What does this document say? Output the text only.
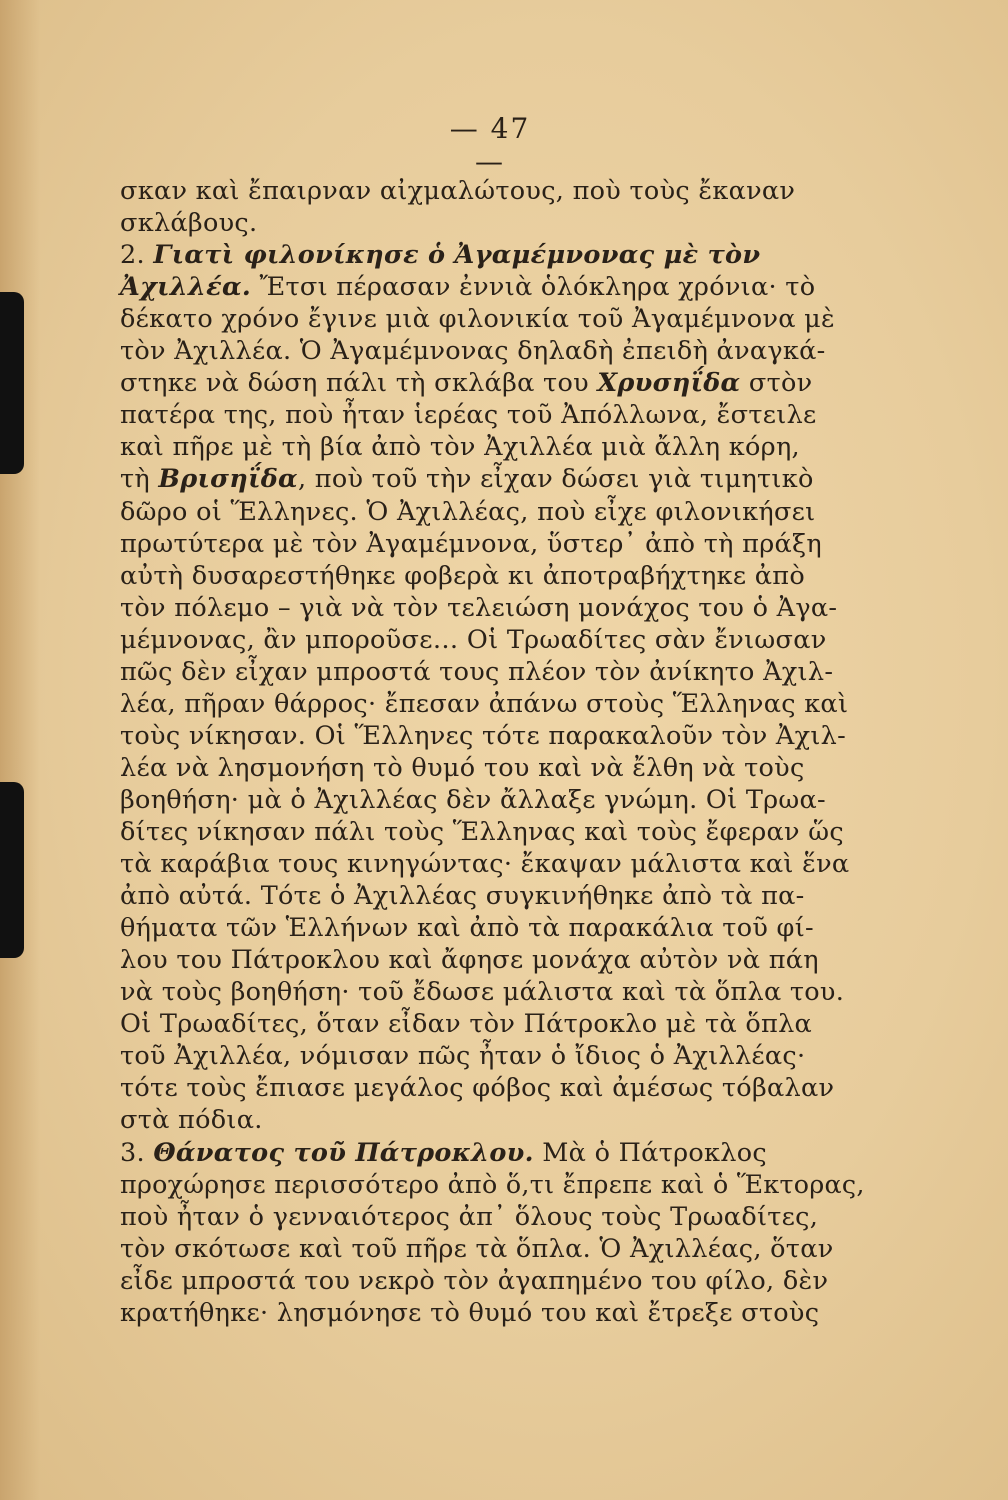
— 47 —
σκαν καὶ ἔπαιρναν αἰχμαλώτους, ποὺ τοὺς ἔκαναν
σκλάβους.
2. Γιατὶ φιλονίκησε ὁ Ἀγαμέμνονας μὲ τὸν
Ἀχιλλέα. Ἔτσι πέρασαν ἐννιὰ ὁλόκληρα χρόνια· τὸ
δέκατο χρόνο ἔγινε μιὰ φιλονικία τοῦ Ἀγαμέμνονα μὲ
τὸν Ἀχιλλέα. Ὁ Ἀγαμέμνονας δηλαδὴ ἐπειδὴ ἀναγκά-
στηκε νὰ δώση πάλι τὴ σκλάβα του Χρυσηΐδα στὸν
πατέρα της, ποὺ ἦταν ἱερέας τοῦ Ἀπόλλωνα, ἔστειλε
καὶ πῆρε μὲ τὴ βία ἀπὸ τὸν Ἀχιλλέα μιὰ ἄλλη κόρη,
τὴ Βρισηΐδα, ποὺ τοῦ τὴν εἶχαν δώσει γιὰ τιμητικὸ
δῶρο οἱ Ἕλληνες. Ὁ Ἀχιλλέας, ποὺ εἶχε φιλονικήσει
πρωτύτερα μὲ τὸν Ἀγαμέμνονα, ὕστερ᾽ ἀπὸ τὴ πράξη
αὐτὴ δυσαρεστήθηκε φοβερὰ κι ἀποτραβήχτηκε ἀπὸ
τὸν πόλεμο – γιὰ νὰ τὸν τελειώση μονάχος του ὁ Ἀγα-
μέμνονας, ἂν μποροῦσε… Οἱ Τρωαδίτες σὰν ἔνιωσαν
πῶς δὲν εἶχαν μπροστά τους πλέον τὸν ἀνίκητο Ἀχιλ-
λέα, πῆραν θάρρος· ἔπεσαν ἀπάνω στοὺς Ἕλληνας καὶ
τοὺς νίκησαν. Οἱ Ἕλληνες τότε παρακαλοῦν τὸν Ἀχιλ-
λέα νὰ λησμονήση τὸ θυμό του καὶ νὰ ἔλθη νὰ τοὺς
βοηθήση· μὰ ὁ Ἀχιλλέας δὲν ἄλλαξε γνώμη. Οἱ Τρωα-
δίτες νίκησαν πάλι τοὺς Ἕλληνας καὶ τοὺς ἔφεραν ὥς
τὰ καράβια τους κινηγώντας· ἔκαψαν μάλιστα καὶ ἕνα
ἀπὸ αὐτά. Τότε ὁ Ἀχιλλέας συγκινήθηκε ἀπὸ τὰ πα-
θήματα τῶν Ἑλλήνων καὶ ἀπὸ τὰ παρακάλια τοῦ φί-
λου του Πάτροκλου καὶ ἄφησε μονάχα αὐτὸν νὰ πάη
νὰ τοὺς βοηθήση· τοῦ ἔδωσε μάλιστα καὶ τὰ ὅπλα του.
Οἱ Τρωαδίτες, ὅταν εἶδαν τὸν Πάτροκλο μὲ τὰ ὅπλα
τοῦ Ἀχιλλέα, νόμισαν πῶς ἦταν ὁ ἴδιος ὁ Ἀχιλλέας·
τότε τοὺς ἔπιασε μεγάλος φόβος καὶ ἀμέσως τόβαλαν
στὰ πόδια.
3. Θάνατος τοῦ Πάτροκλου. Μὰ ὁ Πάτροκλος
προχώρησε περισσότερο ἀπὸ ὅ,τι ἔπρεπε καὶ ὁ Ἕκτορας,
ποὺ ἦταν ὁ γενναιότερος ἀπ᾽ ὅλους τοὺς Τρωαδίτες,
τὸν σκότωσε καὶ τοῦ πῆρε τὰ ὅπλα. Ὁ Ἀχιλλέας, ὅταν
εἶδε μπροστά του νεκρὸ τὸν ἀγαπημένο του φίλο, δὲν
κρατήθηκε· λησμόνησε τὸ θυμό του καὶ ἔτρεξε στοὺς
